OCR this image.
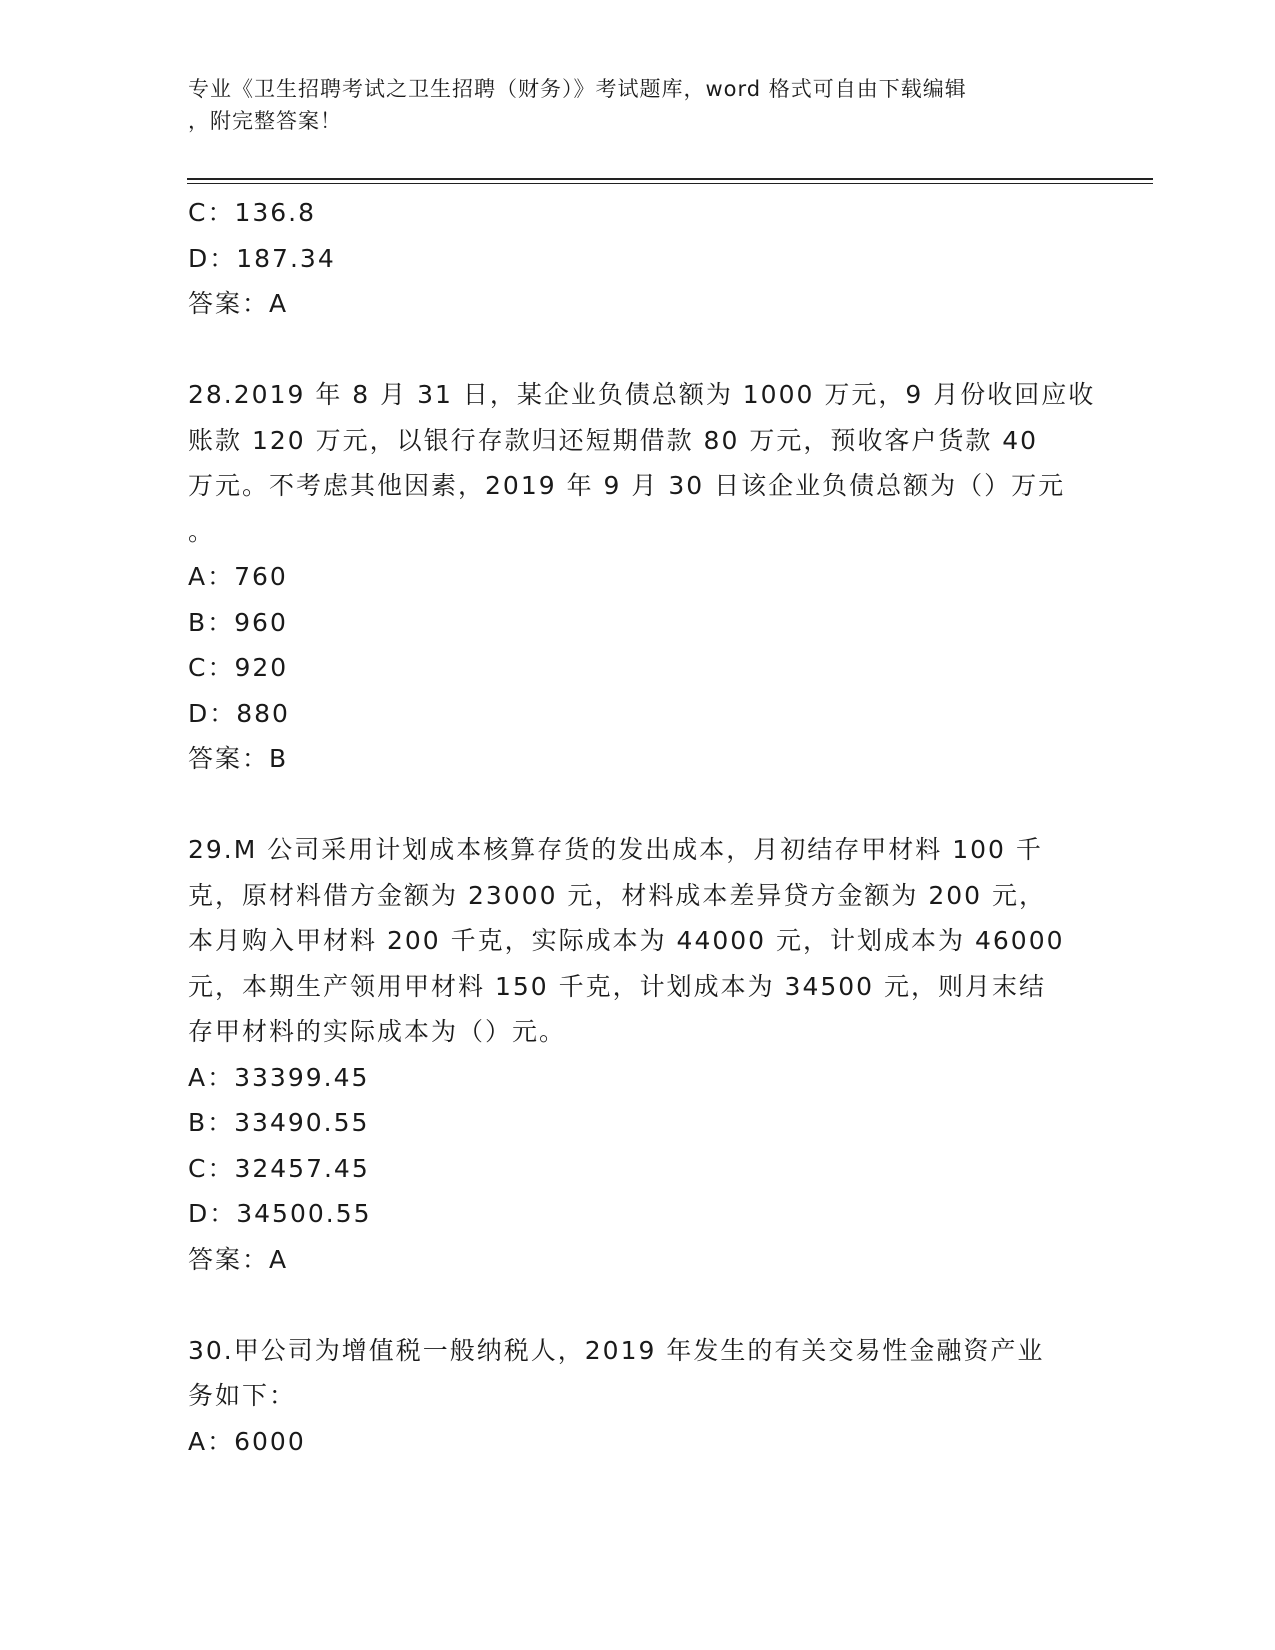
专业《卫生招聘考试之卫生招聘（财务）》考试题库，word 格式可自由下载编辑
，附完整答案！
C：136.8
D：187.34
答案：A
28.2019 年 8 月 31 日，某企业负债总额为 1000 万元，9 月份收回应收
账款 120 万元，以银行存款归还短期借款 80 万元，预收客户货款 40
万元。不考虑其他因素，2019 年 9 月 30 日该企业负债总额为（）万元
。
A：760
B：960
C：920
D：880
答案：B
29.M 公司采用计划成本核算存货的发出成本，月初结存甲材料 100 千
克，原材料借方金额为 23000 元，材料成本差异贷方金额为 200 元，
本月购入甲材料 200 千克，实际成本为 44000 元，计划成本为 46000
元，本期生产领用甲材料 150 千克，计划成本为 34500 元，则月末结
存甲材料的实际成本为（）元。
A：33399.45
B：33490.55
C：32457.45
D：34500.55
答案：A
30.甲公司为增值税一般纳税人，2019 年发生的有关交易性金融资产业
务如下：
A：6000
